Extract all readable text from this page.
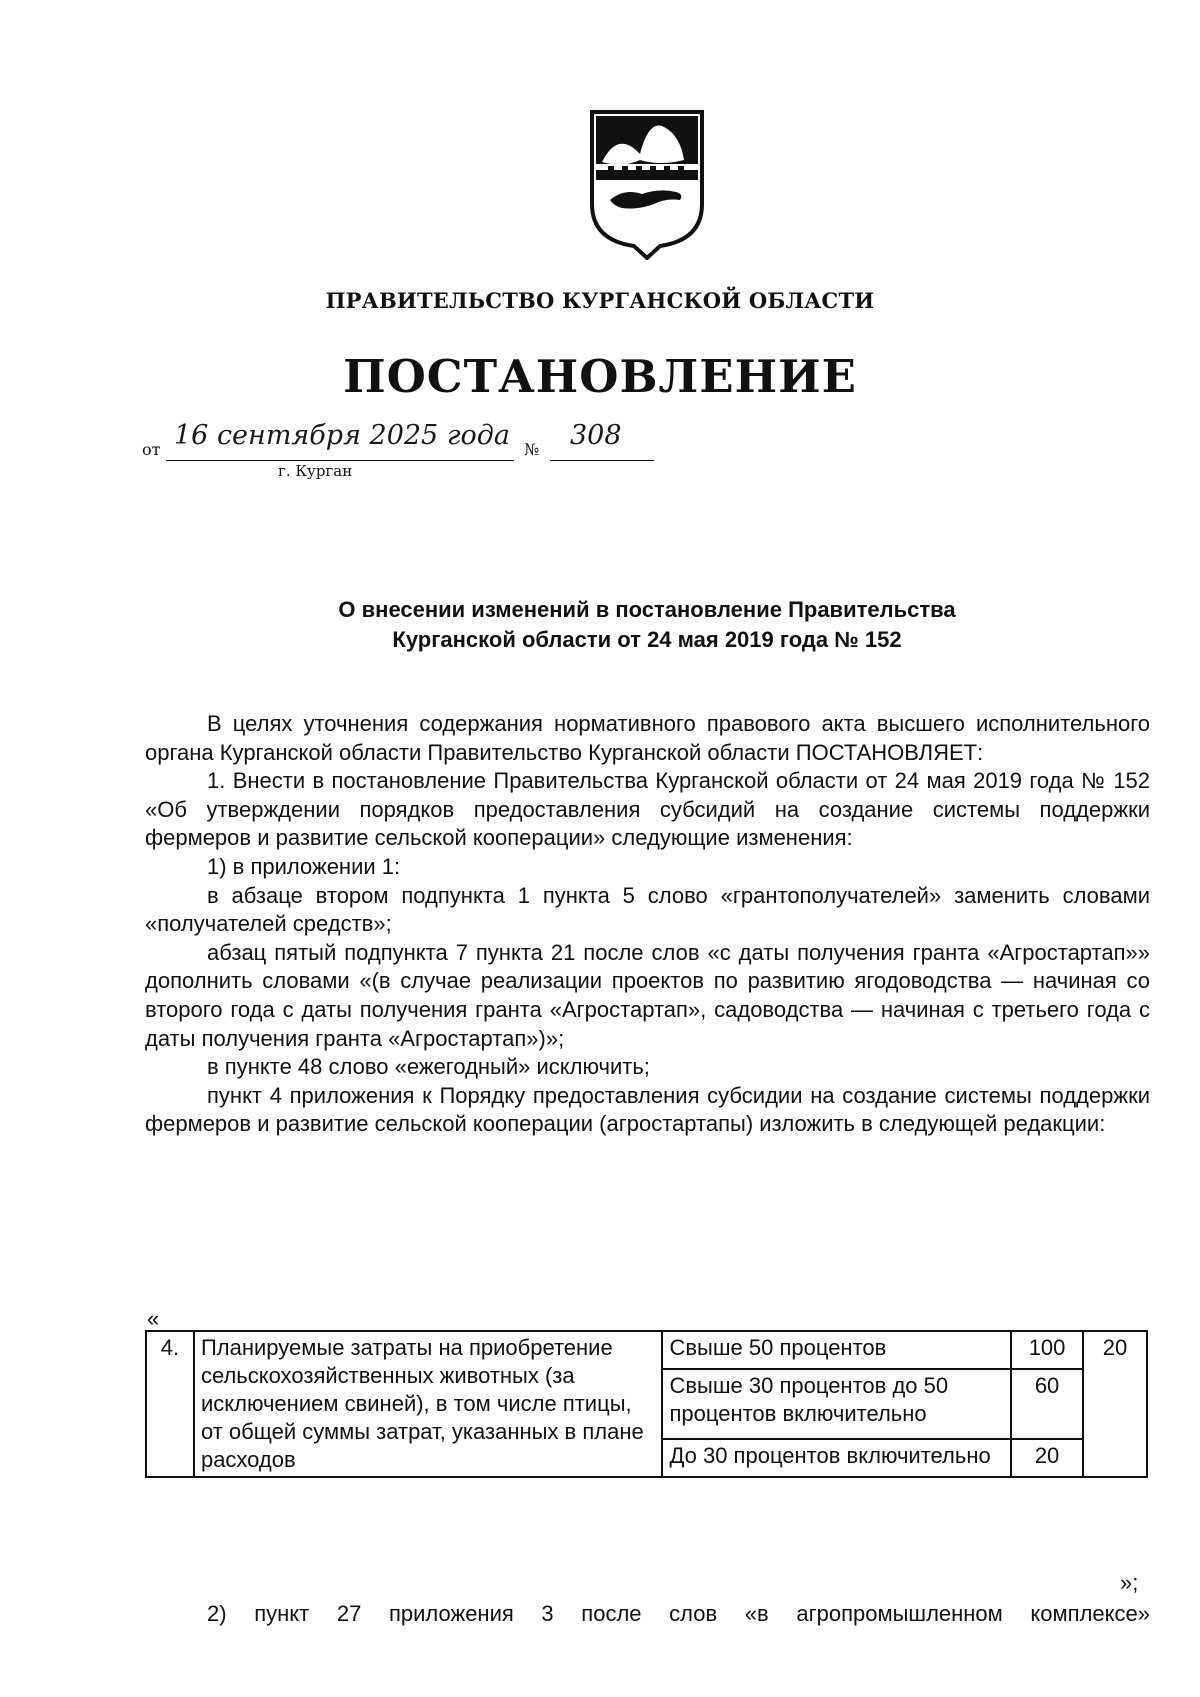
ПРАВИТЕЛЬСТВО КУРГАНСКОЙ ОБЛАСТИ
ПОСТАНОВЛЕНИЕ
от 16 сентября 2025 года № 308
г. Курган
О внесении изменений в постановление Правительства
Курганской области от 24 мая 2019 года № 152

В целях уточнения содержания нормативного правового акта высшего исполнительного органа Курганской области Правительство Курганской области ПОСТАНОВЛЯЕТ:

1. Внести в постановление Правительства Курганской области от 24 мая 2019 года № 152 «Об утверждении порядков предоставления субсидий на создание системы поддержки фермеров и развитие сельской кооперации» следующие изменения:

1) в приложении 1:

в абзаце втором подпункта 1 пункта 5 слово «грантополучателей» заменить словами «получателей средств»;

абзац пятый подпункта 7 пункта 21 после слов «с даты получения гранта «Агростартап»» дополнить словами «(в случае реализации проектов по развитию ягодоводства — начиная со второго года с даты получения гранта «Агростартап», садоводства — начиная с третьего года с даты получения гранта «Агростартап»)»;

в пункте 48 слово «ежегодный» исключить;

пункт 4 приложения к Порядку предоставления субсидии на создание системы поддержки фермеров и развитие сельской кооперации (агростартапы) изложить в следующей редакции:

«
4.	Планируемые затраты на приобретение сельскохозяйственных животных (за исключением свиней), в том числе птицы, от общей суммы затрат, указанных в плане расходов	Свыше 50 процентов	100	20
		Свыше 30 процентов до 50 процентов включительно	60	
		До 30 процентов включительно	20	
»;

2) пункт 27 приложения 3 после слов «в агропромышленном комплексе»
